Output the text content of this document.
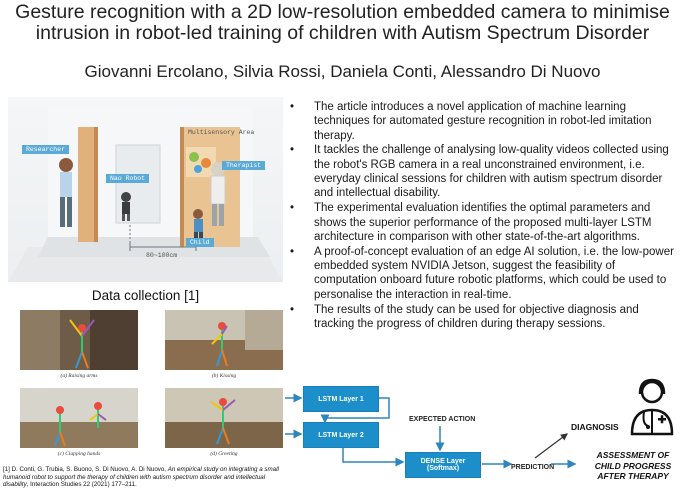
Gesture recognition with a 2D low-resolution embedded camera to minimise
intrusion in robot-led training of children with Autism Spectrum Disorder
Giovanni Ercolano, Silvia Rossi, Daniela Conti, Alessandro Di Nuovo
Researcher
Nao Robot
Multisensory Area
Therapist
Child
80~100cm
Data collection [1]
(a) Raising arms	(b) Kissing
(c) Clapping hands	(d) Greeting
[1] D. Conti, G. Trubia, S. Buono, S. Di Nuovo, A. Di Nuovo, An empirical study on integrating a small humanoid robot to support the therapy of children with autism spectrum disorder and intellectual disability, Interaction Studies 22 (2021) 177–211.
• The article introduces a novel application of machine learning techniques for automated gesture recognition in robot-led imitation therapy.
• It tackles the challenge of analysing low-quality videos collected using the robot's RGB camera in a real unconstrained environment, i.e. everyday clinical sessions for children with autism spectrum disorder and intellectual disability.
• The experimental evaluation identifies the optimal parameters and shows the superior performance of the proposed multi-layer LSTM architecture in comparison with other state-of-the-art algorithms.
• A proof-of-concept evaluation of an edge AI solution, i.e. the low-power embedded system NVIDIA Jetson, suggest the feasibility of computation onboard future robotic platforms, which could be used to personalise the interaction in real-time.
• The results of the study can be used for objective diagnosis and tracking the progress of children during therapy sessions.
LSTM Layer 1
LSTM Layer 2
DENSE Layer
(Softmax)
EXPECTED ACTION
PREDICTION
DIAGNOSIS
ASSESSMENT OF
CHILD PROGRESS
AFTER THERAPY
